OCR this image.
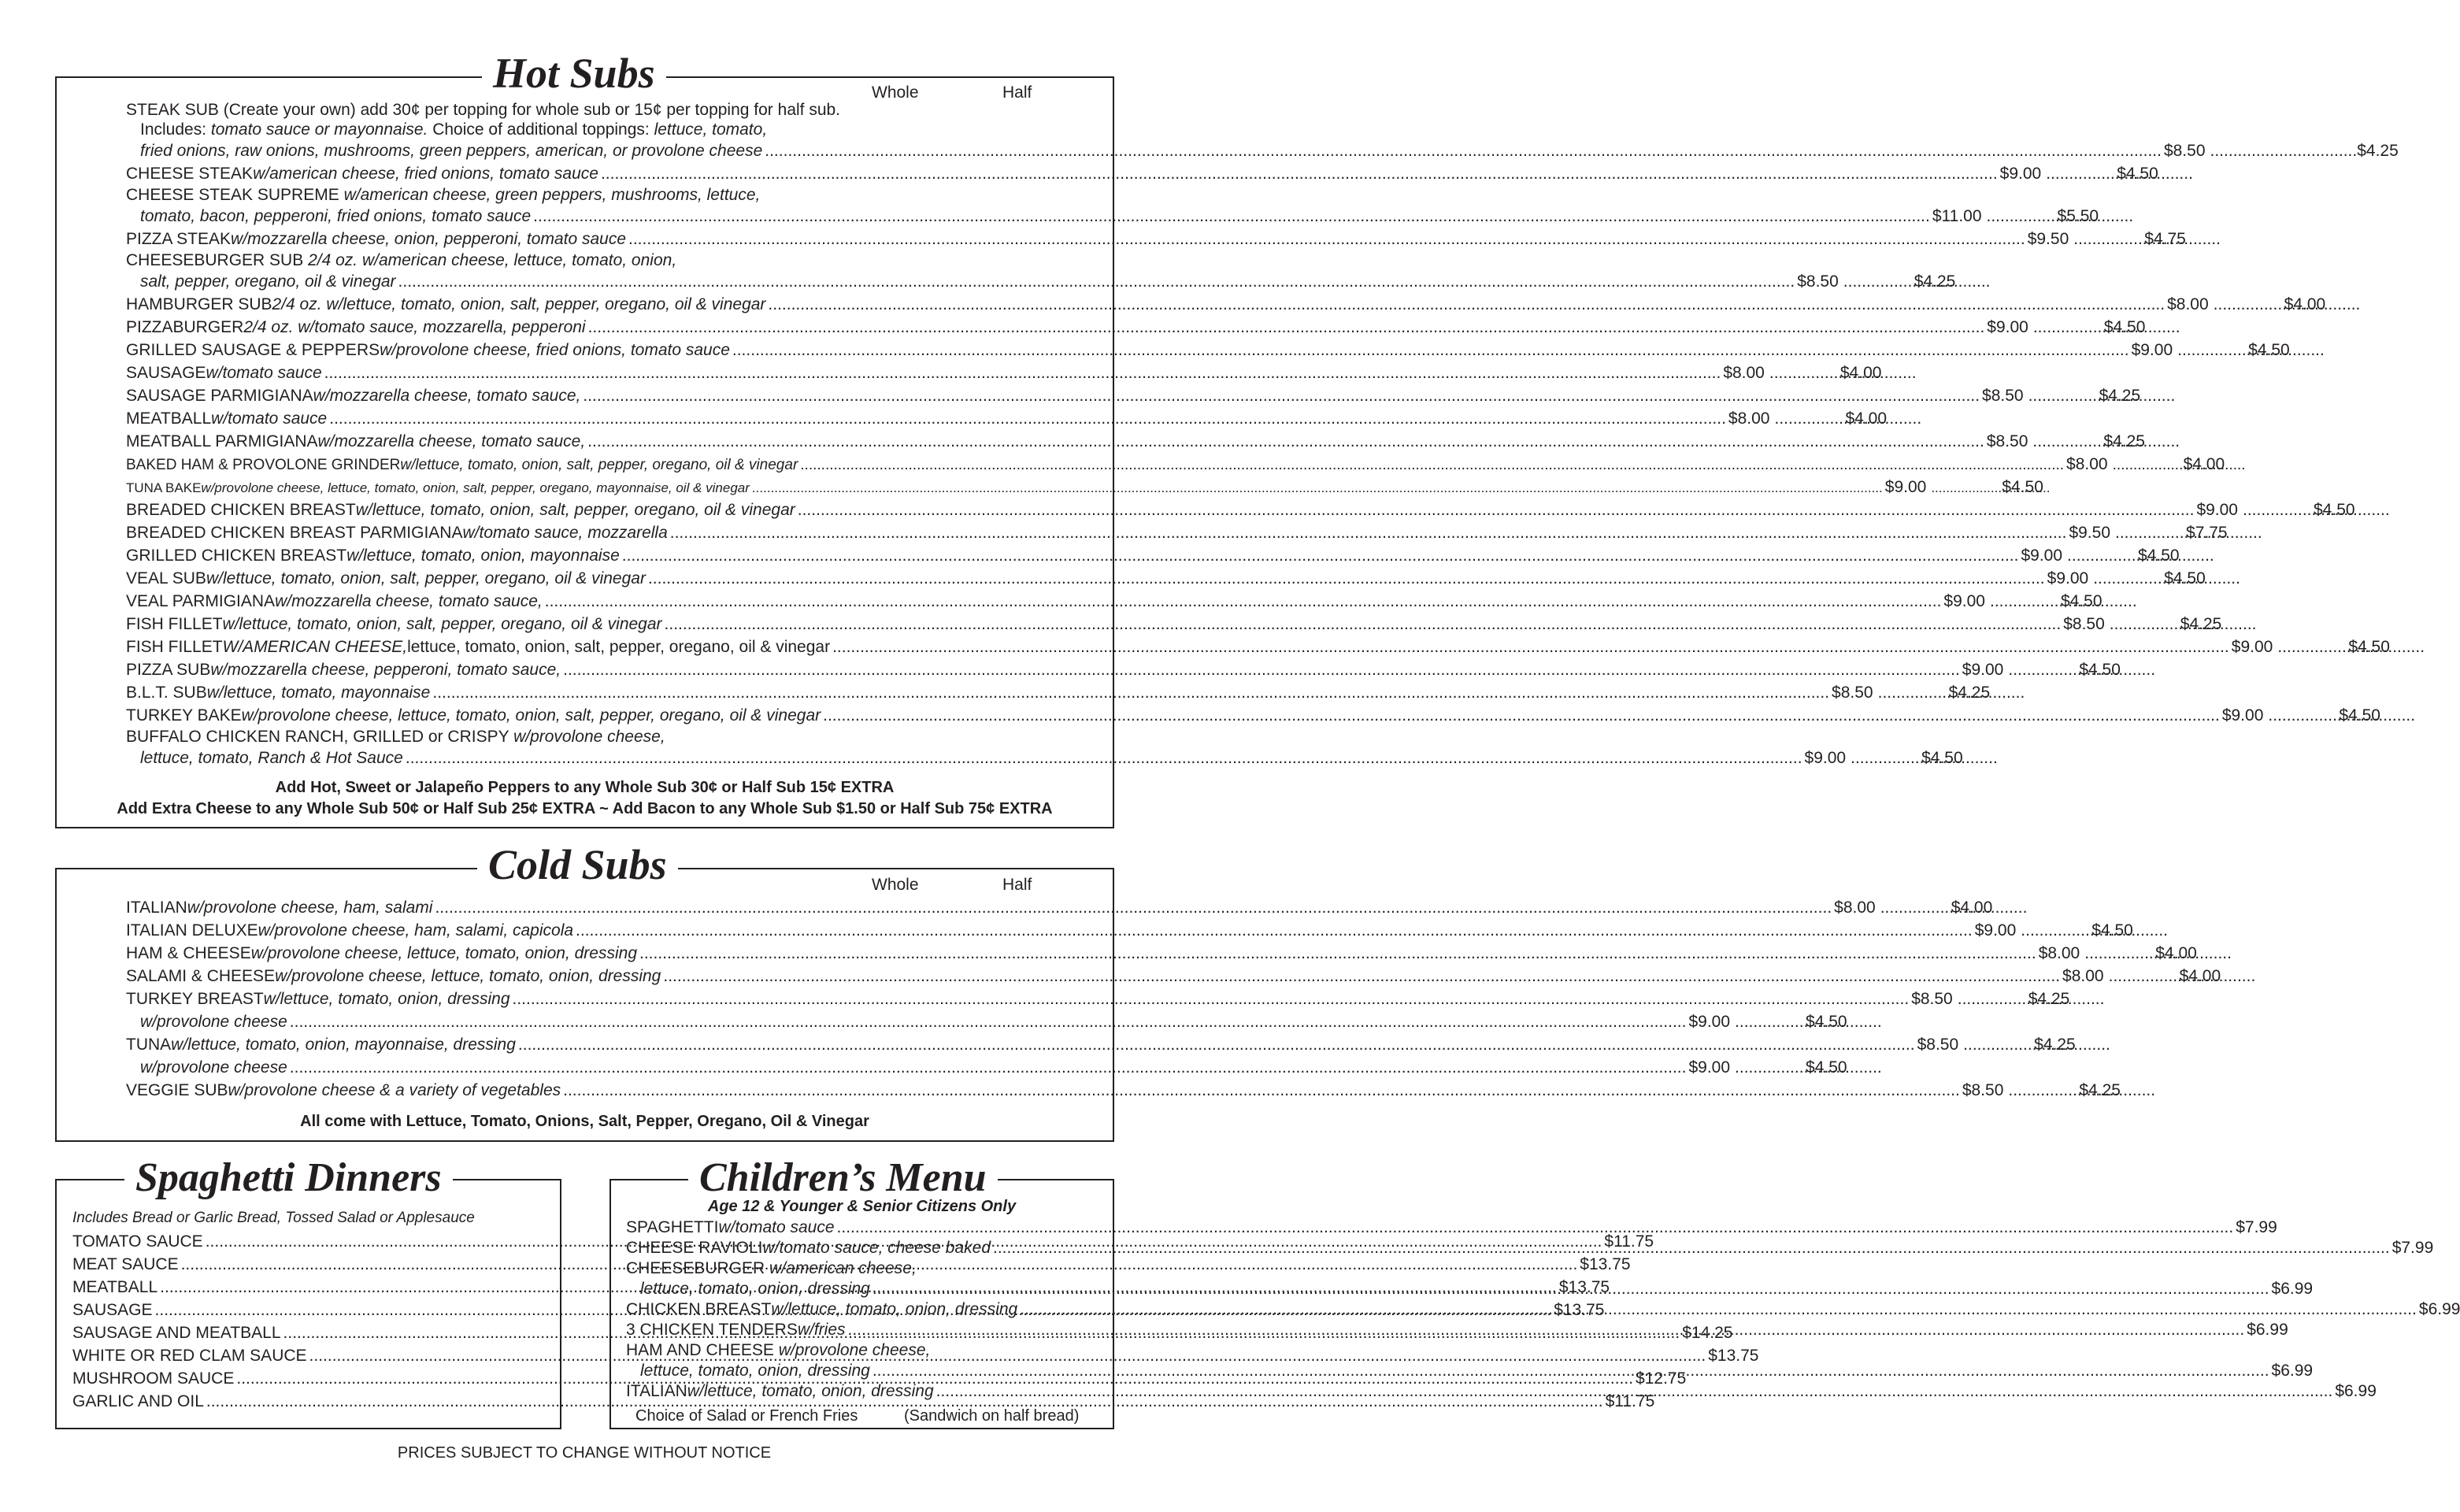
Hot Subs	Whole	Half
STEAK SUB (Create your own) add 30¢ per topping for whole sub or 15¢ per topping for half sub.
Includes: tomato sauce or mayonnaise. Choice of additional toppings: lettuce, tomato,
fried onions, raw onions, mushrooms, green peppers, american, or provolone cheese .....	$8.50 .....	$4.25
CHEESE STEAK w/american cheese, fried onions, tomato sauce .....	$9.00 .....	$4.50
CHEESE STEAK SUPREME w/american cheese, green peppers, mushrooms, lettuce,
tomato, bacon, pepperoni, fried onions, tomato sauce .....	$11.00 .....	$5.50
PIZZA STEAK w/mozzarella cheese, onion, pepperoni, tomato sauce .....	$9.50 .....	$4.75
CHEESEBURGER SUB 2/4 oz. w/american cheese, lettuce, tomato, onion,
salt, pepper, oregano, oil & vinegar .....	$8.50 .....	$4.25
HAMBURGER SUB 2/4 oz. w/lettuce, tomato, onion, salt, pepper, oregano, oil & vinegar .....	$8.00 .....	$4.00
PIZZABURGER 2/4 oz. w/tomato sauce, mozzarella, pepperoni .....	$9.00 .....	$4.50
GRILLED SAUSAGE & PEPPERS w/provolone cheese, fried onions, tomato sauce .....	$9.00 .....	$4.50
SAUSAGE w/tomato sauce .....	$8.00 .....	$4.00
SAUSAGE PARMIGIANA w/mozzarella cheese, tomato sauce, .....	$8.50 .....	$4.25
MEATBALL w/tomato sauce .....	$8.00 .....	$4.00
MEATBALL PARMIGIANA w/mozzarella cheese, tomato sauce, .....	$8.50 .....	$4.25
BAKED HAM & PROVOLONE GRINDER w/lettuce, tomato, onion, salt, pepper, oregano, oil & vinegar .....	$8.00 .....	$4.00
TUNA BAKE w/provolone cheese, lettuce, tomato, onion, salt, pepper, oregano, mayonnaise, oil & vinegar .....	$9.00 .....	$4.50
BREADED CHICKEN BREAST w/lettuce, tomato, onion, salt, pepper, oregano, oil & vinegar .....	$9.00 .....	$4.50
BREADED CHICKEN BREAST PARMIGIANA w/tomato sauce, mozzarella .....	$9.50 .....	$7.75
GRILLED CHICKEN BREAST w/lettuce, tomato, onion, mayonnaise .....	$9.00 .....	$4.50
VEAL SUB w/lettuce, tomato, onion, salt, pepper, oregano, oil & vinegar .....	$9.00 .....	$4.50
VEAL PARMIGIANA w/mozzarella cheese, tomato sauce, .....	$9.00 .....	$4.50
FISH FILLET w/lettuce, tomato, onion, salt, pepper, oregano, oil & vinegar .....	$8.50 .....	$4.25
FISH FILLET W/AMERICAN CHEESE, lettuce, tomato, onion, salt, pepper, oregano, oil & vinegar .....	$9.00 .....	$4.50
PIZZA SUB w/mozzarella cheese, pepperoni, tomato sauce, .....	$9.00 .....	$4.50
B.L.T. SUB w/lettuce, tomato, mayonnaise .....	$8.50 .....	$4.25
TURKEY BAKE w/provolone cheese, lettuce, tomato, onion, salt, pepper, oregano, oil & vinegar .....	$9.00 .....	$4.50
BUFFALO CHICKEN RANCH, GRILLED or CRISPY w/provolone cheese,
lettuce, tomato, Ranch & Hot Sauce .....	$9.00 .....	$4.50
Add Hot, Sweet or Jalapeño Peppers to any Whole Sub 30¢ or Half Sub 15¢ EXTRA
Add Extra Cheese to any Whole Sub 50¢ or Half Sub 25¢ EXTRA ~ Add Bacon to any Whole Sub $1.50 or Half Sub 75¢ EXTRA
Cold Subs	Whole	Half
ITALIAN w/provolone cheese, ham, salami .....	$8.00 .....	$4.00
ITALIAN DELUXE w/provolone cheese, ham, salami, capicola .....	$9.00 .....	$4.50
HAM & CHEESE w/provolone cheese, lettuce, tomato, onion, dressing .....	$8.00 .....	$4.00
SALAMI & CHEESE w/provolone cheese, lettuce, tomato, onion, dressing .....	$8.00 .....	$4.00
TURKEY BREAST w/lettuce, tomato, onion, dressing .....	$8.50 .....	$4.25
w/provolone cheese .....	$9.00 .....	$4.50
TUNA w/lettuce, tomato, onion, mayonnaise, dressing .....	$8.50 .....	$4.25
w/provolone cheese .....	$9.00 .....	$4.50
VEGGIE SUB w/provolone cheese & a variety of vegetables .....	$8.50 .....	$4.25
All come with Lettuce, Tomato, Onions, Salt, Pepper, Oregano, Oil & Vinegar
Spaghetti Dinners
Includes Bread or Garlic Bread, Tossed Salad or Applesauce
TOMATO SAUCE .....	$11.75
MEAT SAUCE .....	$13.75
MEATBALL .....	$13.75
SAUSAGE .....	$13.75
SAUSAGE AND MEATBALL .....	$14.25
WHITE OR RED CLAM SAUCE .....	$13.75
MUSHROOM SAUCE .....	$12.75
GARLIC AND OIL .....	$11.75
Children’s Menu
Age 12 & Younger & Senior Citizens Only
SPAGHETTI w/tomato sauce .....	$7.99
CHEESE RAVIOLI w/tomato sauce, cheese baked .....	$7.99
CHEESEBURGER w/american cheese,
lettuce, tomato, onion, dressing .....	$6.99
CHICKEN BREAST w/lettuce, tomato, onion, dressing .....	$6.99
3 CHICKEN TENDERS w/fries .....	$6.99
HAM AND CHEESE w/provolone cheese,
lettuce, tomato, onion, dressing .....	$6.99
ITALIAN w/lettuce, tomato, onion, dressing .....	$6.99
Choice of Salad or French Fries	(Sandwich on half bread)
PRICES SUBJECT TO CHANGE WITHOUT NOTICE
